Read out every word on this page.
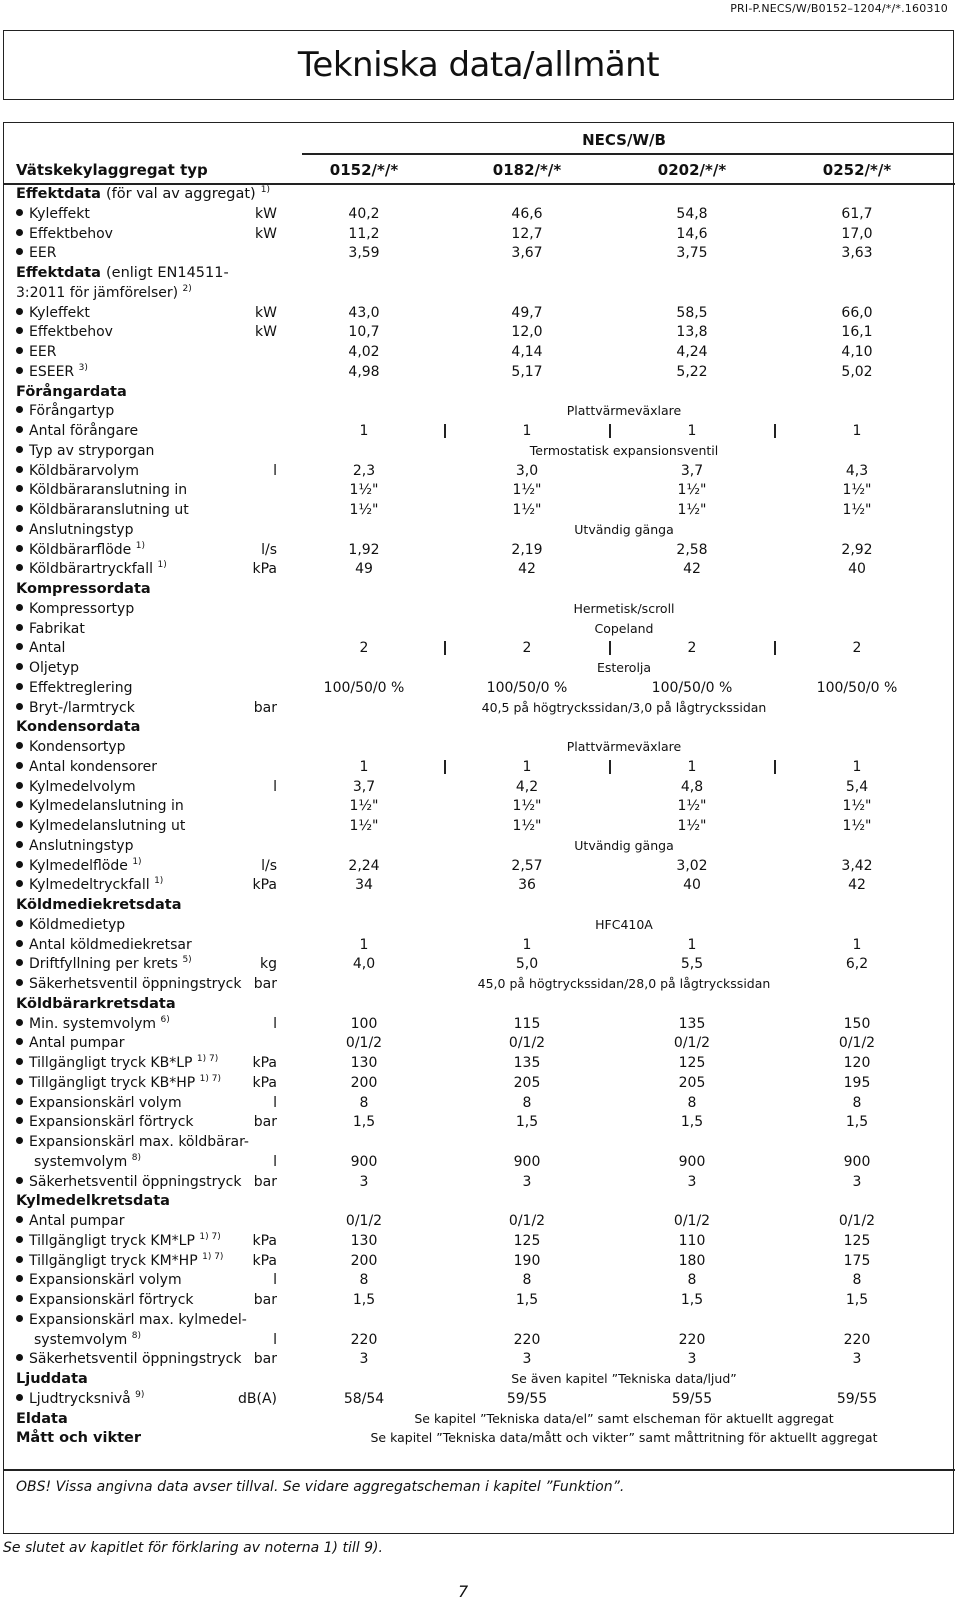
PRI-P.NECS/W/B0152–1204/*/*.160310
Tekniska data/allmänt
NECS/W/B
Vätskekylaggregat typ	0152/*/*	0182/*/*	0202/*/*	0252/*/*
Effektdata (för val av aggregat) $^{1)}$
Kyleffekt	kW	40,2	46,6	54,8	61,7
Effektbehov	kW	11,2	12,7	14,6	17,0
EER	3,59	3,67	3,75	3,63
Effektdata (enligt EN14511-
3:2011 för jämförelser) $^{2)}$
Kyleffekt	kW	43,0	49,7	58,5	66,0
Effektbehov	kW	10,7	12,0	13,8	16,1
EER	4,02	4,14	4,24	4,10
ESEER $^{3)}$	4,98	5,17	5,22	5,02
Förångardata
Förångartyp	Plattvärmeväxlare
Antal förångare	1	1	1	1
Typ av stryporgan	Termostatisk expansionsventil
Köldbärarvolym	l	2,3	3,0	3,7	4,3
Köldbäraranslutning in	1½"	1½"	1½"	1½"
Köldbäraranslutning ut	1½"	1½"	1½"	1½"
Anslutningstyp	Utvändig gänga
Köldbärarflöde $^{1)}$	l/s	1,92	2,19	2,58	2,92
Köldbärartryckfall $^{1)}$	kPa	49	42	42	40
Kompressordata
Kompressortyp	Hermetisk/scroll
Fabrikat	Copeland
Antal	2	2	2	2
Oljetyp	Esterolja
Effektreglering	100/50/0 %	100/50/0 %	100/50/0 %	100/50/0 %
Bryt-/larmtryck	bar	40,5 på högtryckssidan/3,0 på lågtryckssidan
Kondensordata
Kondensortyp	Plattvärmeväxlare
Antal kondensorer	1	1	1	1
Kylmedelvolym	l	3,7	4,2	4,8	5,4
Kylmedelanslutning in	1½"	1½"	1½"	1½"
Kylmedelanslutning ut	1½"	1½"	1½"	1½"
Anslutningstyp	Utvändig gänga
Kylmedelflöde $^{1)}$	l/s	2,24	2,57	3,02	3,42
Kylmedeltryckfall $^{1)}$	kPa	34	36	40	42
Köldmediekretsdata
Köldmedietyp	HFC410A
Antal köldmediekretsar	1	1	1	1
Driftfyllning per krets $^{5)}$	kg	4,0	5,0	5,5	6,2
Säkerhetsventil öppningstryck bar	45,0 på högtryckssidan/28,0 på lågtryckssidan
Köldbärarkretsdata
Min. systemvolym $^{6)}$	l	100	115	135	150
Antal pumpar	0/1/2	0/1/2	0/1/2	0/1/2
Tillgängligt tryck KB*LP $^{1) 7)}$	kPa	130	135	125	120
Tillgängligt tryck KB*HP $^{1) 7)}$	kPa	200	205	205	195
Expansionskärl volym	l	8	8	8	8
Expansionskärl förtryck	bar	1,5	1,5	1,5	1,5
Expansionskärl max. köldbärar-
systemvolym $^{8)}$	l	900	900	900	900
Säkerhetsventil öppningstryck bar	3	3	3	3
Kylmedelkretsdata
Antal pumpar	0/1/2	0/1/2	0/1/2	0/1/2
Tillgängligt tryck KM*LP $^{1) 7)}$	kPa	130	125	110	125
Tillgängligt tryck KM*HP $^{1) 7)}$	kPa	200	190	180	175
Expansionskärl volym	l	8	8	8	8
Expansionskärl förtryck	bar	1,5	1,5	1,5	1,5
Expansionskärl max. kylmedel-
systemvolym $^{8)}$	l	220	220	220	220
Säkerhetsventil öppningstryck bar	3	3	3	3
Ljuddata	Se även kapitel ”Tekniska data/ljud”
Ljudtrycksnivå $^{9)}$	dB(A)	58/54	59/55	59/55	59/55
Eldata	Se kapitel ”Tekniska data/el” samt elscheman för aktuellt aggregat
Mått och vikter	Se kapitel ”Tekniska data/mått och vikter” samt måttritning för aktuellt aggregat
OBS! Vissa angivna data avser tillval. Se vidare aggregatscheman i kapitel ”Funktion”.
Se slutet av kapitlet för förklaring av noterna 1) till 9).
7
